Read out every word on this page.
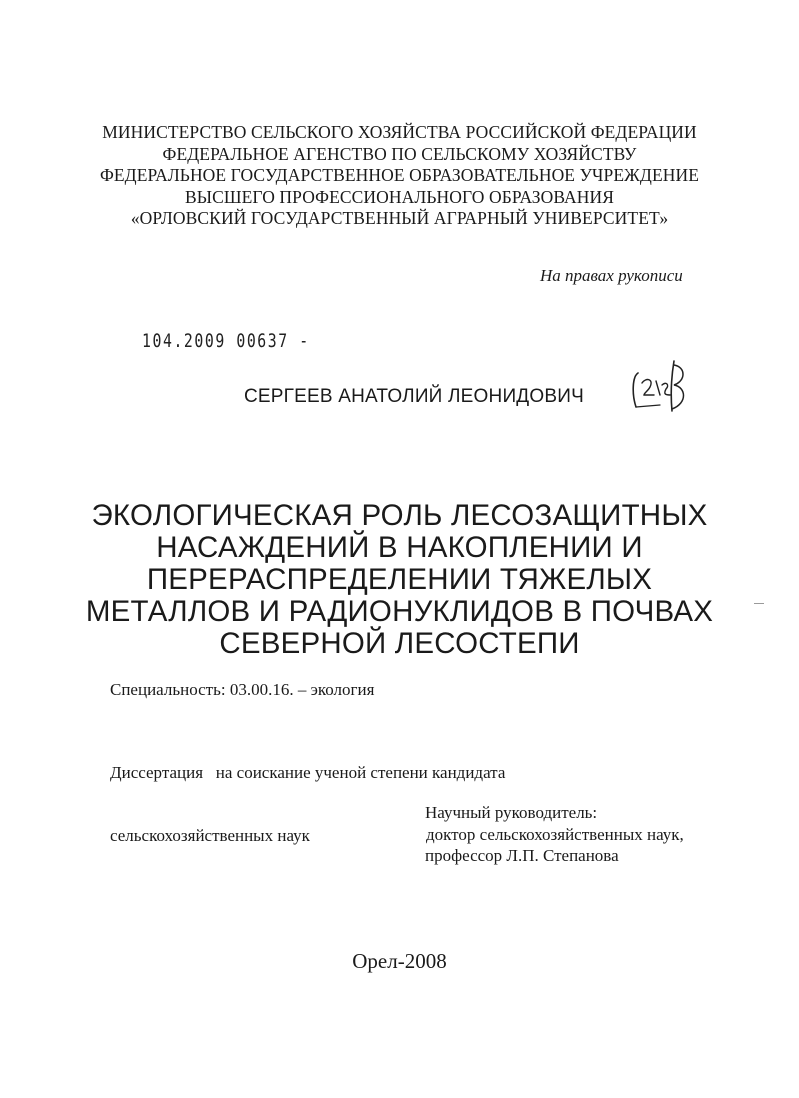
МИНИСТЕРСТВО СЕЛЬСКОГО ХОЗЯЙСТВА РОССИЙСКОЙ ФЕДЕРАЦИИ
ФЕДЕРАЛЬНОЕ АГЕНСТВО ПО СЕЛЬСКОМУ ХОЗЯЙСТВУ
ФЕДЕРАЛЬНОЕ ГОСУДАРСТВЕННОЕ ОБРАЗОВАТЕЛЬНОЕ УЧРЕЖДЕНИЕ
ВЫСШЕГО ПРОФЕССИОНАЛЬНОГО ОБРАЗОВАНИЯ
«ОРЛОВСКИЙ ГОСУДАРСТВЕННЫЙ АГРАРНЫЙ УНИВЕРСИТЕТ»
На правах рукописи
104.2009 00637 -
СЕРГЕЕВ АНАТОЛИЙ ЛЕОНИДОВИЧ
ЭКОЛОГИЧЕСКАЯ РОЛЬ ЛЕСОЗАЩИТНЫХ
НАСАЖДЕНИЙ В НАКОПЛЕНИИ И
ПЕРЕРАСПРЕДЕЛЕНИИ ТЯЖЕЛЫХ
МЕТАЛЛОВ И РАДИОНУКЛИДОВ В ПОЧВАХ
СЕВЕРНОЙ ЛЕСОСТЕПИ
Специальность: 03.00.16. – экология

Диссертация   на соискание ученой степени кандидата

сельскохозяйственных наук

Научный руководитель:
доктор сельскохозяйственных наук,
профессор Л.П. Степанова
Орел-2008
